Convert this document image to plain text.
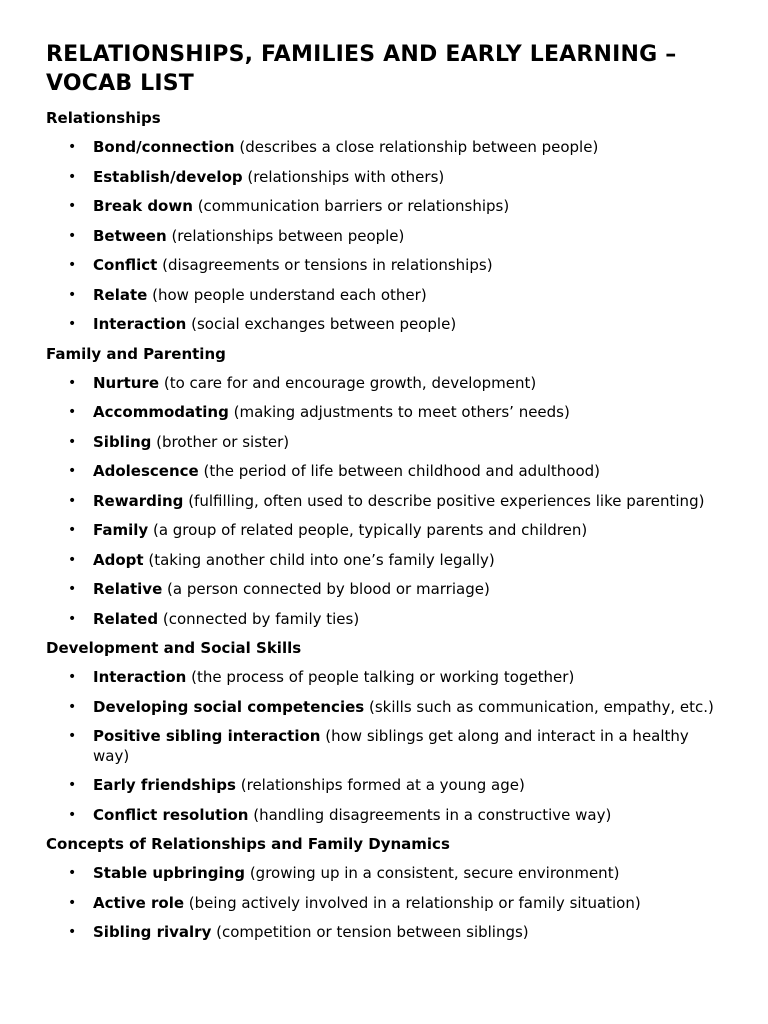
RELATIONSHIPS, FAMILIES AND EARLY LEARNING – VOCAB LIST
Relationships
• Bond/connection (describes a close relationship between people)
• Establish/develop (relationships with others)
• Break down (communication barriers or relationships)
• Between (relationships between people)
• Conflict (disagreements or tensions in relationships)
• Relate (how people understand each other)
• Interaction (social exchanges between people)
Family and Parenting
• Nurture (to care for and encourage growth, development)
• Accommodating (making adjustments to meet others’ needs)
• Sibling (brother or sister)
• Adolescence (the period of life between childhood and adulthood)
• Rewarding (fulfilling, often used to describe positive experiences like parenting)
• Family (a group of related people, typically parents and children)
• Adopt (taking another child into one’s family legally)
• Relative (a person connected by blood or marriage)
• Related (connected by family ties)
Development and Social Skills
• Interaction (the process of people talking or working together)
• Developing social competencies (skills such as communication, empathy, etc.)
• Positive sibling interaction (how siblings get along and interact in a healthy way)
• Early friendships (relationships formed at a young age)
• Conflict resolution (handling disagreements in a constructive way)
Concepts of Relationships and Family Dynamics
• Stable upbringing (growing up in a consistent, secure environment)
• Active role (being actively involved in a relationship or family situation)
• Sibling rivalry (competition or tension between siblings)
